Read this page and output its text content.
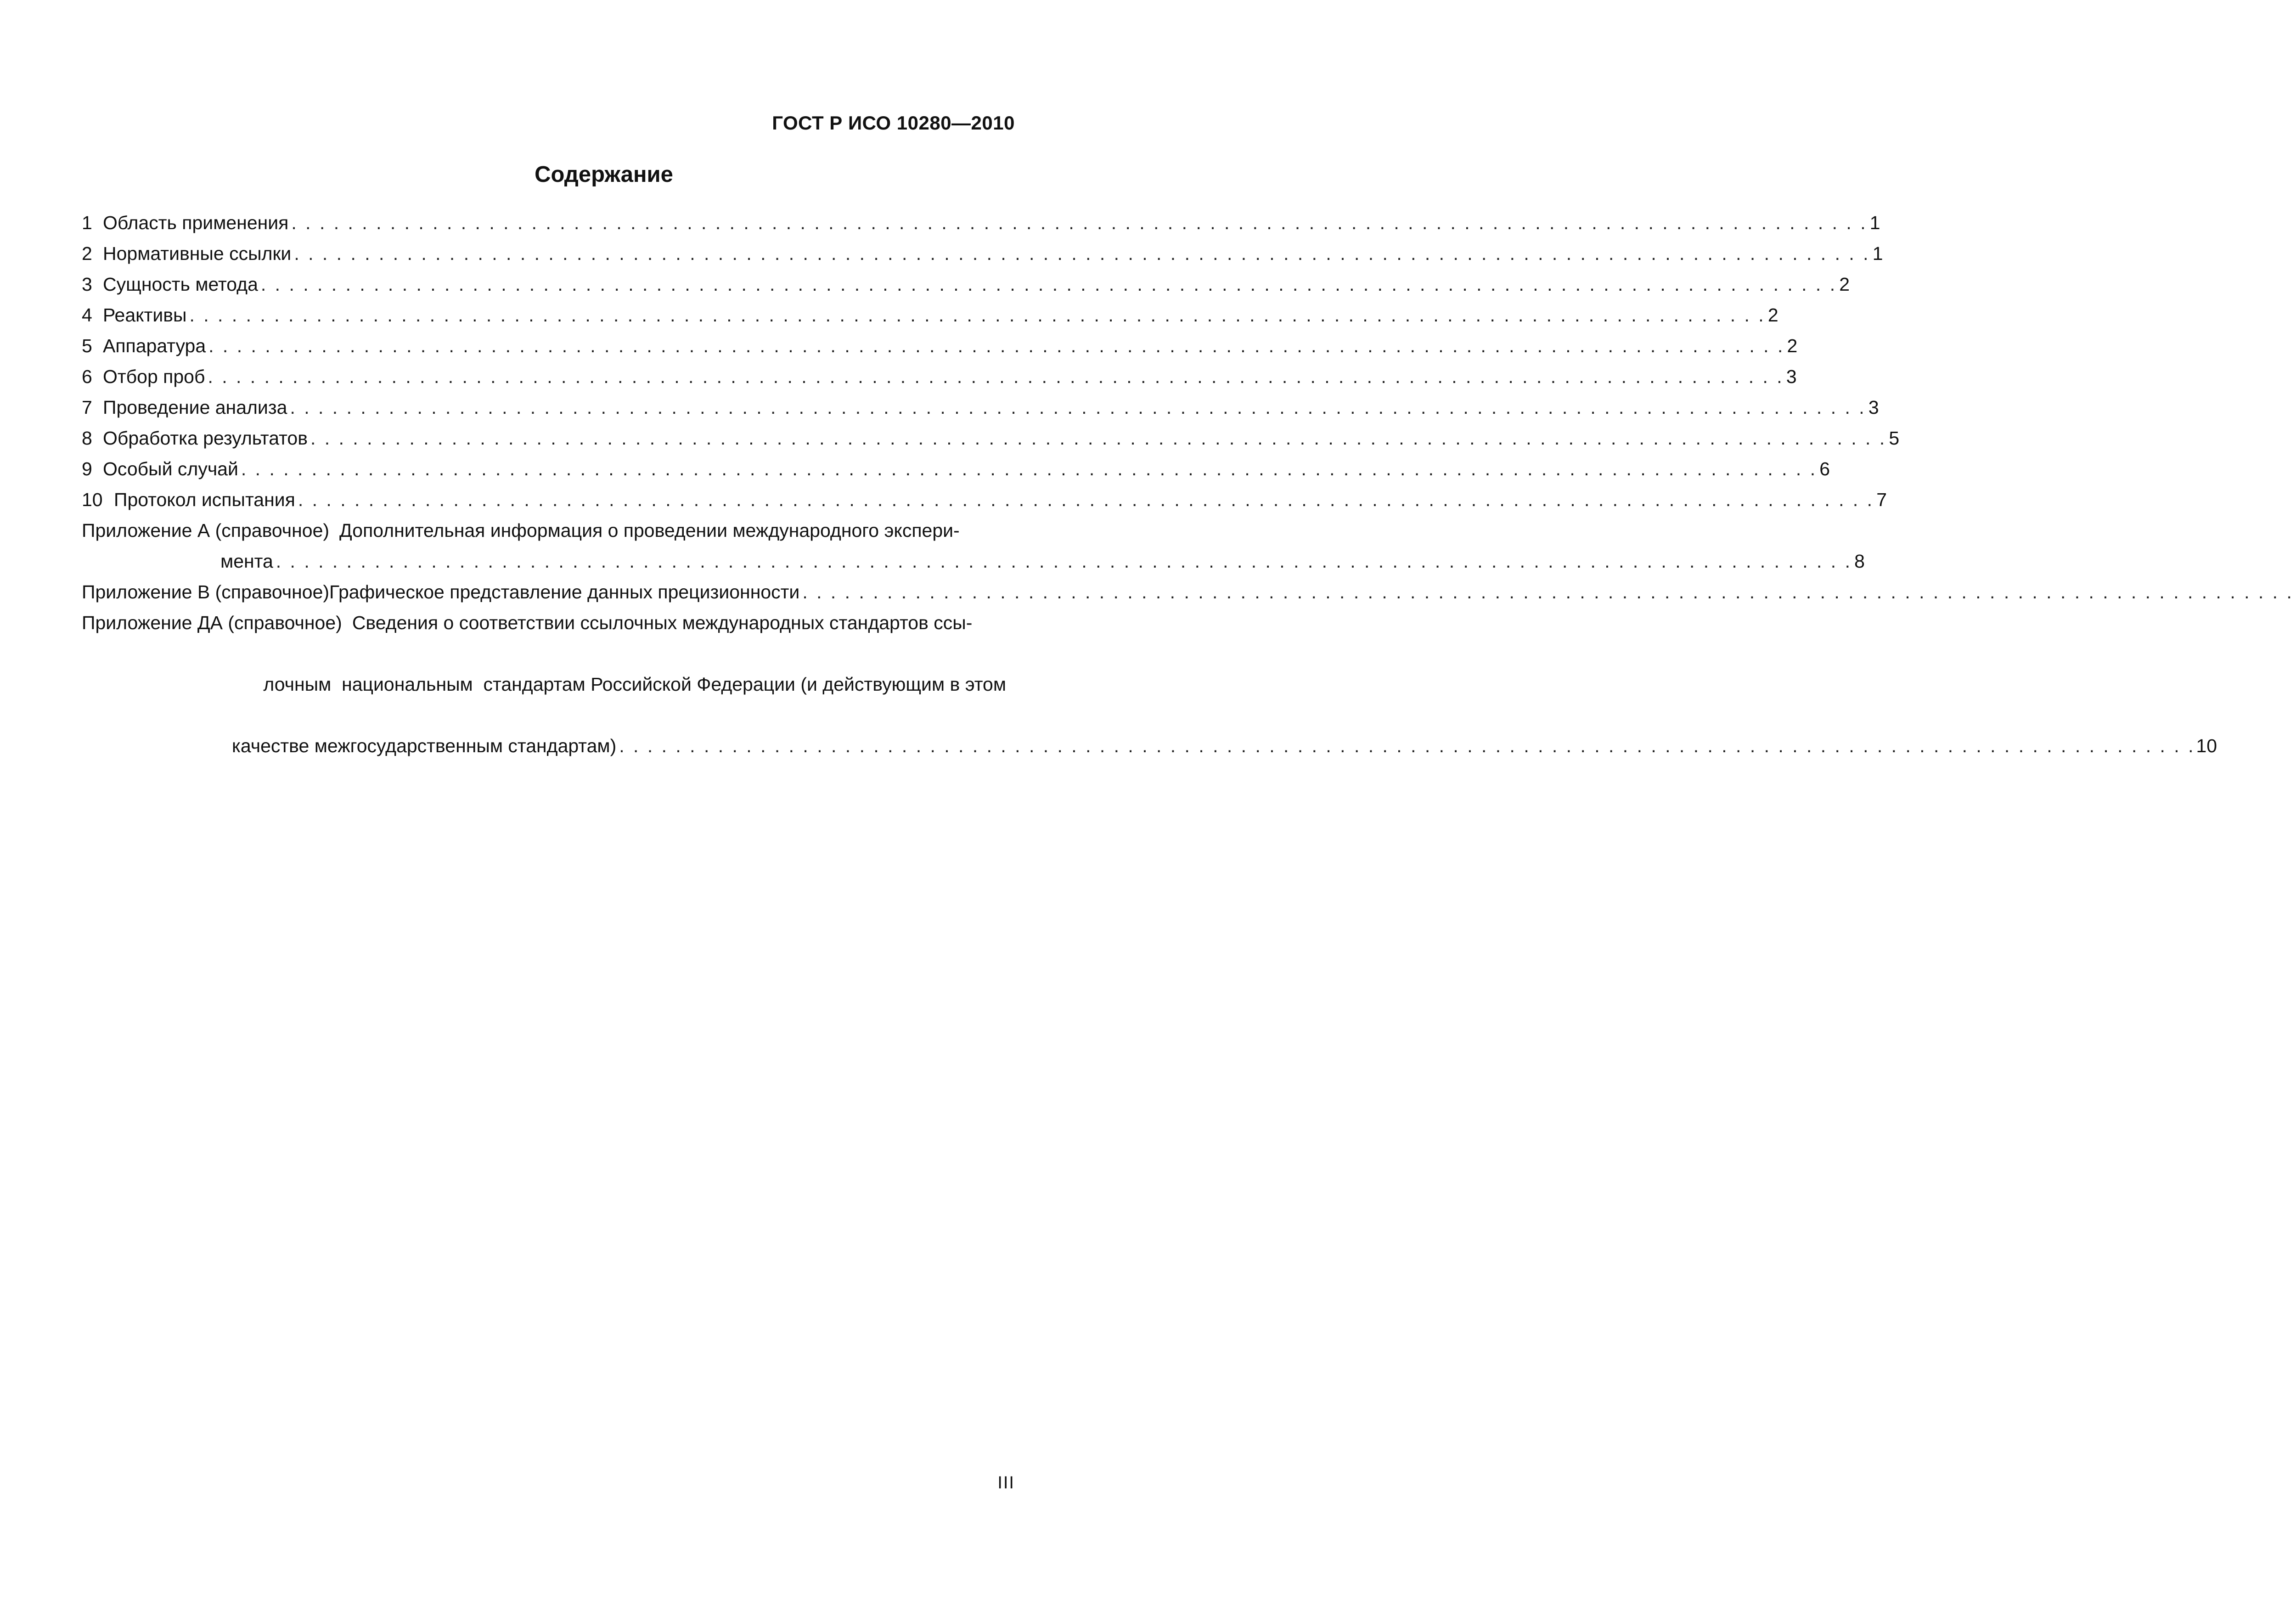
ГОСТ Р ИСО 10280—2010
Содержание
1 Область применения . . .	1
2 Нормативные ссылки . . .	1
3 Сущность метода . . .	2
4 Реактивы . . .	2
5 Аппаратура . . .	2
6 Отбор проб . . .	3
7 Проведение анализа . . .	3
8 Обработка результатов . . .	5
9 Особый случай . . .	6
10 Протокол испытания . . .	7
Приложение А (справочное) Дополнительная информация о проведении международного экспери-
мента . . .	8
Приложение В (справочное) Графическое представление данных прецизионности
. . .
Приложение ДА (справочное) Сведения о соответствии ссылочных международных стандартов ссы-

лочным  национальным  стандартам Российской Федерации (и действующим в этом

качестве межгосударственным стандартам) . . .	10
III
